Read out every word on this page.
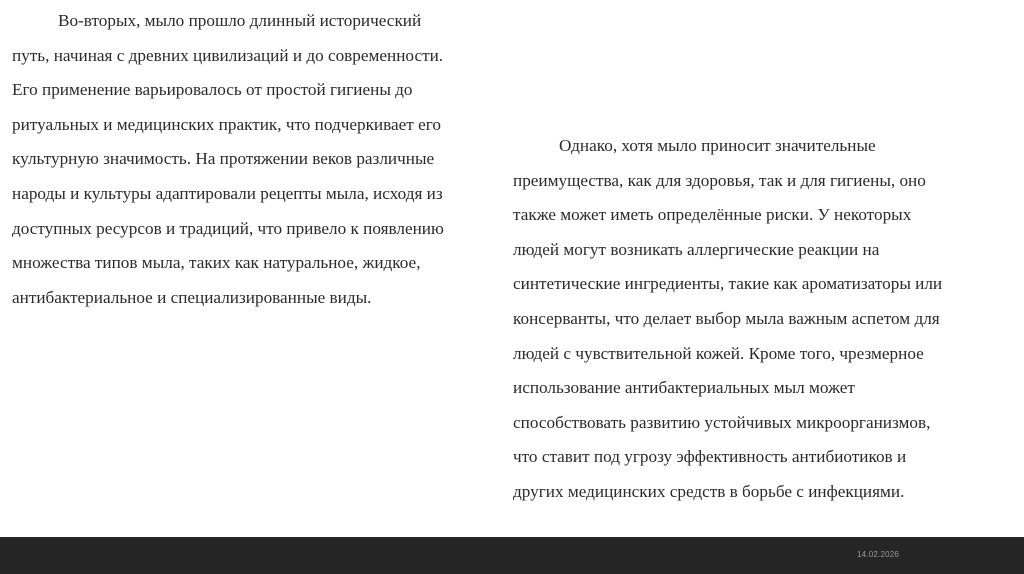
Во-вторых, мыло прошло длинный исторический
путь, начиная с древних цивилизаций и до современности.
Его применение варьировалось от простой гигиены до
ритуальных и медицинских практик, что подчеркивает его
культурную значимость. На протяжении веков различные
народы и культуры адаптировали рецепты мыла, исходя из
доступных ресурсов и традиций, что привело к появлению
множества типов мыла, таких как натуральное, жидкое,
антибактериальное и специализированные виды.
Однако, хотя мыло приносит значительные
преимущества, как для здоровья, так и для гигиены, оно
также может иметь определённые риски. У некоторых
людей могут возникать аллергические реакции на
синтетические ингредиенты, такие как ароматизаторы или
консерванты, что делает выбор мыла важным аспетом для
людей с чувствительной кожей. Кроме того, чрезмерное
использование антибактериальных мыл может
способствовать развитию устойчивых микроорганизмов,
что ставит под угрозу эффективность антибиотиков и
других медицинских средств в борьбе с инфекциями.
14.02.2026
